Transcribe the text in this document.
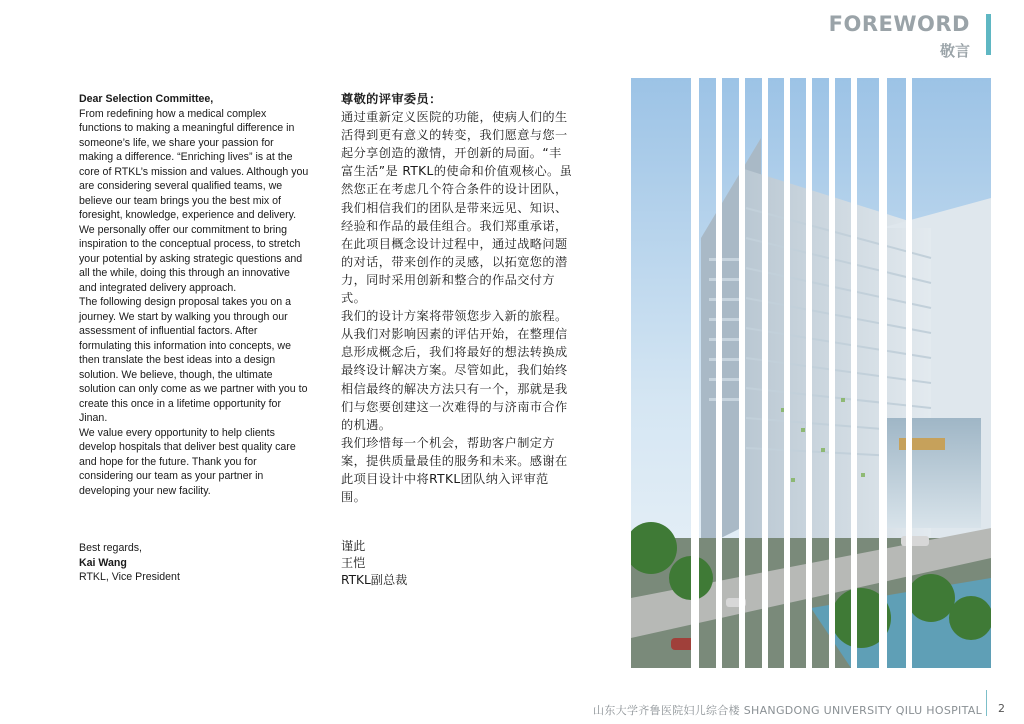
FOREWORD
敬言

Dear Selection Committee,

From redefining how a medical complex functions to making a meaningful difference in someone’s life, we share your passion for making a difference. “Enriching lives” is at the core of RTKL’s mission and values. Although you are considering several qualified teams, we believe our team brings you the best mix of foresight, knowledge, experience and delivery. We personally offer our commitment to bring inspiration to the conceptual process, to stretch your potential by asking strategic questions and all the while, doing this through an innovative and integrated delivery approach.

The following design proposal takes you on a journey. We start by walking you through our assessment of influential factors. After formulating this information into concepts, we then translate the best ideas into a design solution. We believe, though, the ultimate solution can only come as we partner with you to create this once in a lifetime opportunity for Jinan.

We value every opportunity to help clients develop hospitals that deliver best quality care and hope for the future. Thank you for considering our team as your partner in developing your new facility.

Best regards,
Kai Wang
RTKL, Vice President

尊敬的评审委员：

通过重新定义医院的功能，使病人们的生活得到更有意义的转变，我们愿意与您一起分享创造的激情，开创新的局面。“丰富生活”是 RTKL的使命和价值观核心。虽然您正在考虑几个符合条件的设计团队，我们相信我们的团队是带来远见、知识、经验和作品的最佳组合。我们郑重承诺，在此项目概念设计过程中，通过战略问题的对话，带来创作的灵感，以拓宽您的潜力，同时采用创新和整合的作品交付方式。

我们的设计方案将带领您步入新的旅程。从我们对影响因素的评估开始，在整理信息形成概念后，我们将最好的想法转换成最终设计解决方案。尽管如此，我们始终相信最终的解决方法只有一个，那就是我们与您要创建这一次难得的与济南市合作的机遇。

我们珍惜每一个机会，帮助客户制定方案，提供质量最佳的服务和未来。感谢在此项目设计中将RTKL团队纳入评审范围。

谨此
王恺
RTKL副总裁
山东大学齐鲁医院妇儿综合楼 SHANGDONG UNIVERSITY QILU HOSPITAL 2
